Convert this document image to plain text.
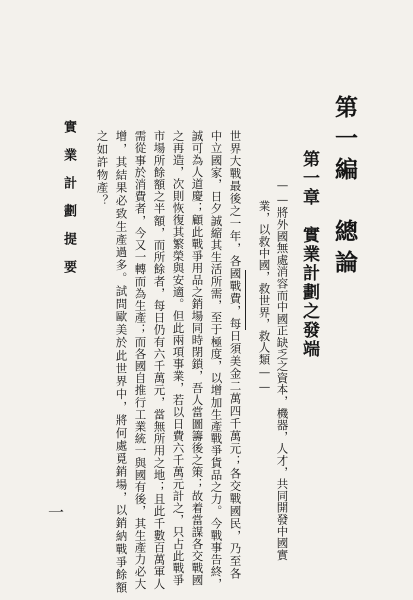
第一編　總論
第一章　實業計劃之發端
——將外國無處消容而中國正缺乏之資本，機器，人才，共同開發中國實
業，以救中國，救世界，救人類——
世界大戰最後之一年，各國戰費，每日須美金二萬四千萬元；各交戰國民，乃至各
中立國家，日夕誠縮其生活所需，至于極度，以增加生產戰爭貨品之力。今戰事告終，
誠可為人道慶；顧此戰爭用品之銷場同時閉鎖，吾人當圖籌後之策；故着當謀各交戰國
之再造，次則恢復其繁榮與安適。但此兩項事業，若以日費六千萬元計之，只占此戰爭
市場所餘額之半額，而所餘者，每日仍有六千萬元，當無所用之地；且此千數百萬軍人
需從事於消費者，今又一轉而為生產；而各國自推行工業統一與國有後，其生產力必大
增，其結果必致生產過多。試問歐美於此世界中，將何處覓銷場，以銷納戰爭餘額
之如許物產？
實　業　計　劃　提　要
一
